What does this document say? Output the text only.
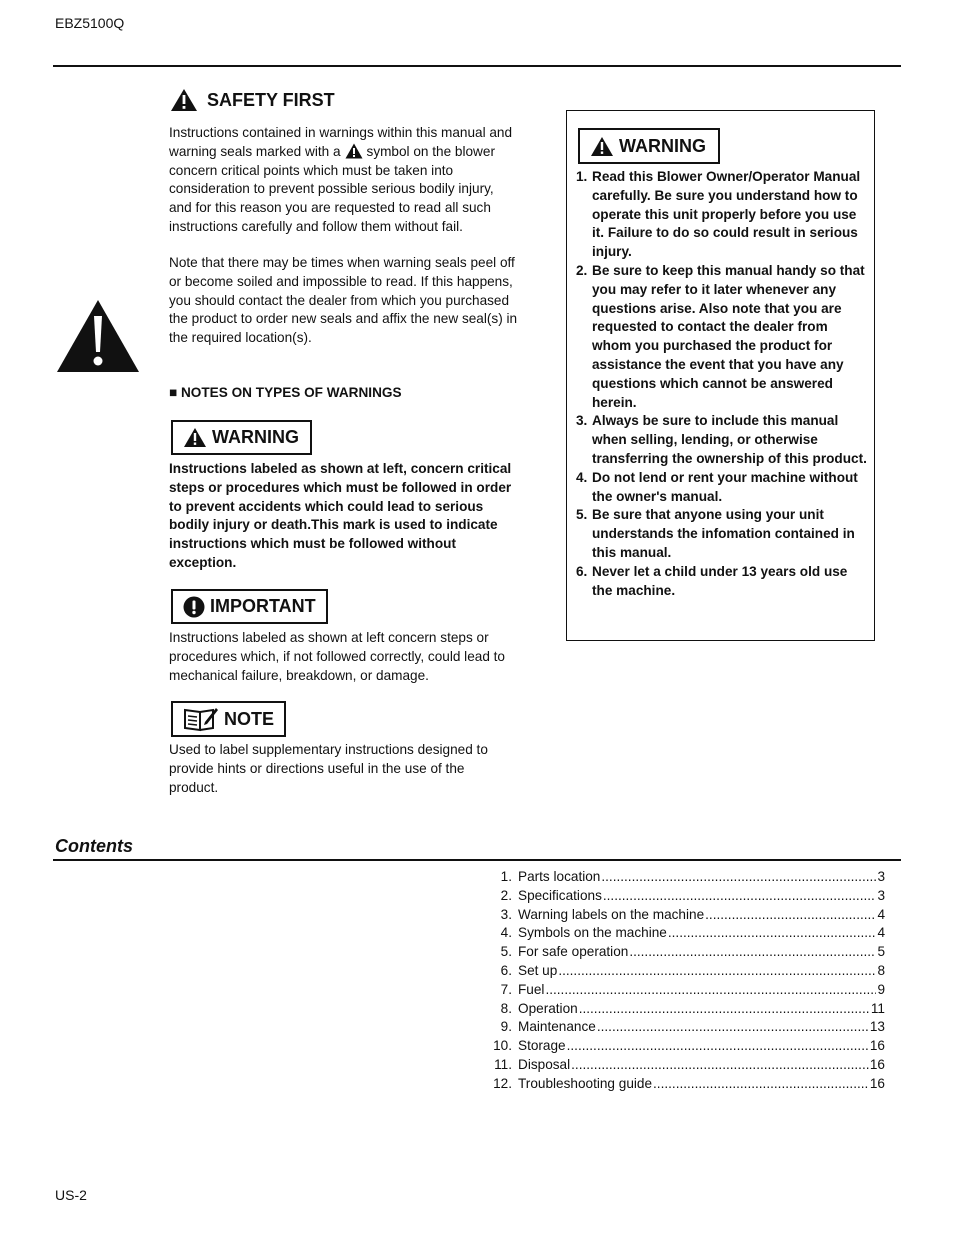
EBZ5100Q
SAFETY FIRST
Instructions contained in warnings within this manual and warning seals marked with a symbol on the blower concern critical points which must be taken into consideration to prevent possible serious bodily injury, and for this reason you are requested to read all such instructions carefully and follow them without fail.
Note that there may be times when warning seals peel off or become soiled and impossible to read. If this happens, you should contact the dealer from which you purchased the product to order new seals and affix the new seal(s) in the required location(s).
■ NOTES ON TYPES OF WARNINGS
WARNING
Instructions labeled as shown at left, concern critical steps or procedures which must be followed in order to prevent accidents which could lead to serious bodily injury or death.This mark is used to indicate instructions which must be followed without exception.
IMPORTANT
Instructions labeled as shown at left concern steps or procedures which, if not followed correctly, could lead to mechanical failure, breakdown, or damage.
NOTE
Used to label supplementary instructions designed to provide hints or directions useful in the use of the product.
WARNING
1. Read this Blower Owner/Operator Manual carefully. Be sure you understand how to operate this unit properly before you use it. Failure to do so could result in serious injury.
2. Be sure to keep this manual handy so that you may refer to it later whenever any questions arise. Also note that you are requested to contact the dealer from whom you purchased the product for assistance the event that you have any questions which cannot be answered herein.
3. Always be sure to include this manual when selling, lending, or otherwise transferring the ownership of this product.
4. Do not lend or rent your machine without the owner's manual.
5. Be sure that anyone using your unit understands the infomation contained in this manual.
6. Never let a child under 13 years old use the machine.
Contents
1. Parts location .....	3
2. Specifications .....	3
3. Warning labels on the machine .....	4
4. Symbols on the machine .....	4
5. For safe operation .....	5
6. Set up .....	8
7. Fuel .....	9
8. Operation .....	11
9. Maintenance .....	13
10. Storage .....	16
11. Disposal .....	16
12. Troubleshooting guide .....	16
US-2
